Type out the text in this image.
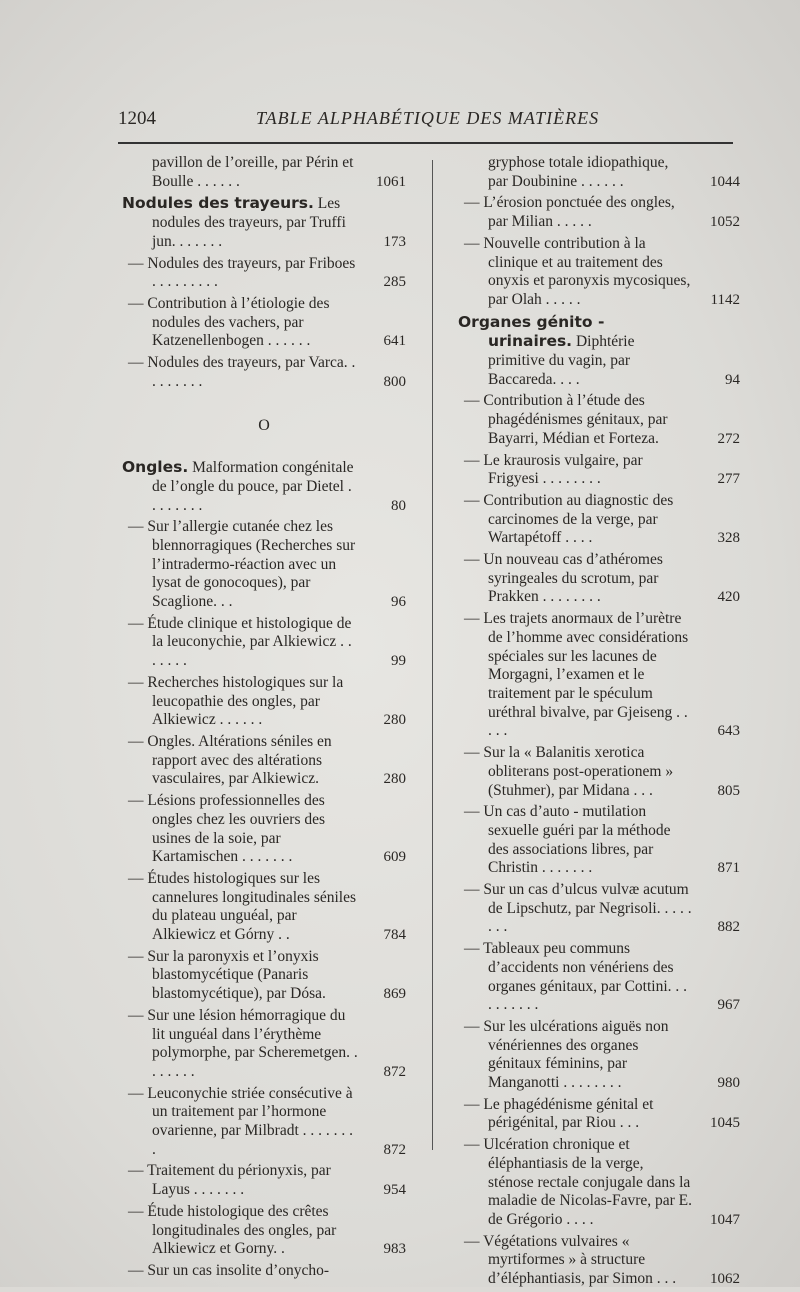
1204	TABLE ALPHABÉTIQUE DES MATIÈRES
pavillon de l’oreille, par Périn et Boulle . . . . . .	1061
Nodules des trayeurs. Les nodules des trayeurs, par Truffi jun. . . . . . .	173
— Nodules des trayeurs, par Friboes . . . . . . . . .	285
— Contribution à l’étiologie des nodules des vachers, par Katzenellenbogen . . . . . .	641
— Nodules des trayeurs, par Varca. . . . . . . . .	800
O
Ongles. Malformation congénitale de l’ongle du pouce, par Dietel . . . . . . . .	80
— Sur l’allergie cutanée chez les blennorragiques (Recherches sur l’intradermo-réaction avec un lysat de gonocoques), par Scaglione. . .	96
— Étude clinique et histologique de la leuconychie, par Alkiewicz . . . . . . .	99
— Recherches histologiques sur la leucopathie des ongles, par Alkiewicz . . . . . .	280
— Ongles. Altérations séniles en rapport avec des altérations vasculaires, par Alkiewicz.	280
— Lésions professionnelles des ongles chez les ouvriers des usines de la soie, par Kartamischen . . . . . . .	609
— Études histologiques sur les cannelures longitudinales séniles du plateau unguéal, par Alkiewicz et Górny . .	784
— Sur la paronyxis et l’onyxis blastomycétique (Panaris blastomycétique), par Dósa.	869
— Sur une lésion hémorragique du lit unguéal dans l’érythème polymorphe, par Scheremetgen. . . . . . . .	872
— Leuconychie striée consécutive à un traitement par l’hormone ovarienne, par Milbradt . . . . . . . .	872
— Traitement du périonyxis, par Layus . . . . . . .	954
— Étude histologique des crêtes longitudinales des ongles, par Alkiewicz et Gorny. .	983
— Sur un cas insolite d’onycho-
gryphose totale idiopathique, par Doubinine . . . . . .	1044
— L’érosion ponctuée des ongles, par Milian . . . . .	1052
— Nouvelle contribution à la clinique et au traitement des onyxis et paronyxis mycosiques, par Olah . . . . .	1142
Organes génito - urinaires. Diphtérie primitive du vagin, par Baccareda. . . .	94
— Contribution à l’étude des phagédénismes génitaux, par Bayarri, Médian et Forteza.	272
— Le kraurosis vulgaire, par Frigyesi . . . . . . . .	277
— Contribution au diagnostic des carcinomes de la verge, par Wartapétoff . . . .	328
— Un nouveau cas d’athéromes syringeales du scrotum, par Prakken . . . . . . . .	420
— Les trajets anormaux de l’urètre de l’homme avec considérations spéciales sur les lacunes de Morgagni, l’examen et le traitement par le spéculum uréthral bivalve, par Gjeiseng . . . . .	643
— Sur la « Balanitis xerotica obliterans post-operationem » (Stuhmer), par Midana . . .	805
— Un cas d’auto - mutilation sexuelle guéri par la méthode des associations libres, par Christin . . . . . . .	871
— Sur un cas d’ulcus vulvæ acutum de Lipschutz, par Negrisoli. . . . . . . .	882
— Tableaux peu communs d’accidents non vénériens des organes génitaux, par Cottini. . . . . . . . . .	967
— Sur les ulcérations aiguës non vénériennes des organes génitaux féminins, par Manganotti . . . . . . . .	980
— Le phagédénisme génital et périgénital, par Riou . . .	1045
— Ulcération chronique et éléphantiasis de la verge, sténose rectale conjugale dans la maladie de Nicolas-Favre, par E. de Grégorio . . . .	1047
— Végétations vulvaires « myrtiformes » à structure d’éléphantiasis, par Simon . . . 1062
